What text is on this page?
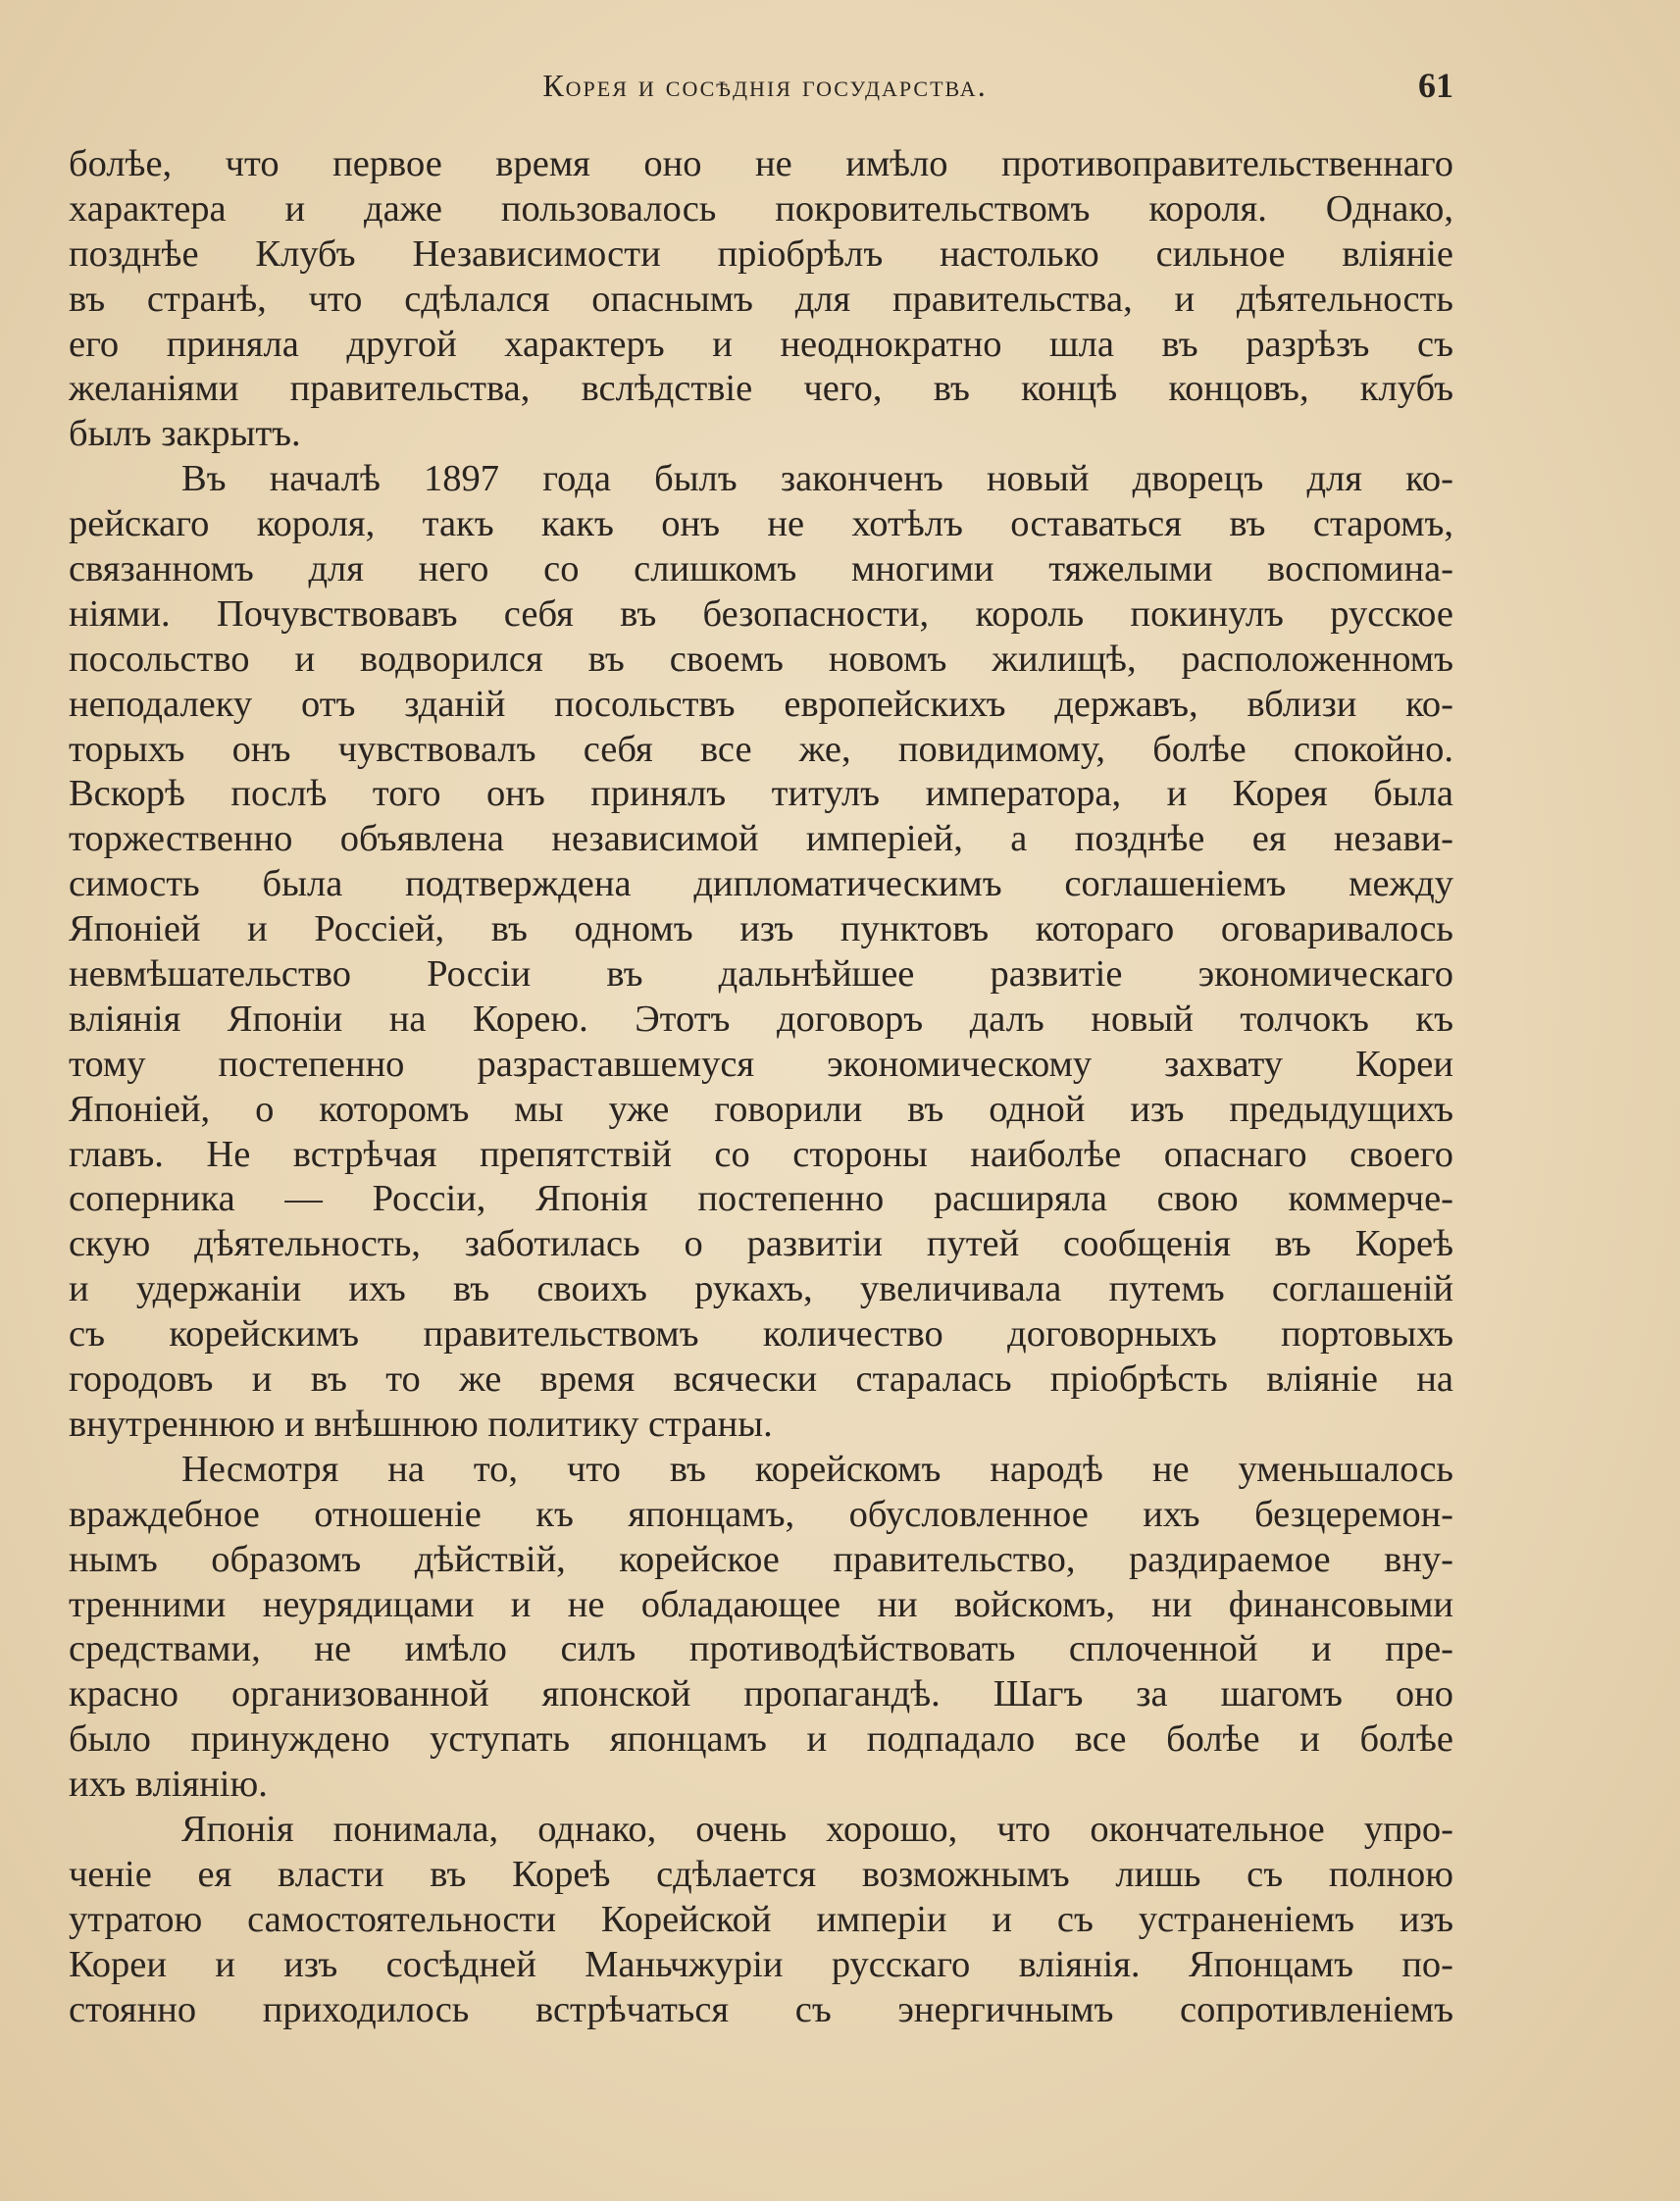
Корея и сосѣднія государства.	61
болѣе, что первое время оно не имѣло противоправительственнаго
характера и даже пользовалось покровительствомъ короля. Однако,
позднѣе Клубъ Независимости пріобрѣлъ настолько сильное вліяніе
въ странѣ, что сдѣлался опаснымъ для правительства, и дѣятельность
его приняла другой характеръ и неоднократно шла въ разрѣзъ съ
желаніями правительства, вслѣдствіе чего, въ концѣ концовъ, клубъ
былъ закрытъ.
Въ началѣ 1897 года былъ законченъ новый дворецъ для ко-
рейскаго короля, такъ какъ онъ не хотѣлъ оставаться въ старомъ,
связанномъ для него со слишкомъ многими тяжелыми воспомина-
ніями. Почувствовавъ себя въ безопасности, король покинулъ русское
посольство и водворился въ своемъ новомъ жилищѣ, расположенномъ
неподалеку отъ зданій посольствъ европейскихъ державъ, вблизи ко-
торыхъ онъ чувствовалъ себя все же, повидимому, болѣе спокойно.
Вскорѣ послѣ того онъ принялъ титулъ императора, и Корея была
торжественно объявлена независимой имперіей, а позднѣе ея незави-
симость была подтверждена дипломатическимъ соглашеніемъ между
Японіей и Россіей, въ одномъ изъ пунктовъ котораго оговаривалось
невмѣшательство Россіи въ дальнѣйшее развитіе экономическаго
вліянія Японіи на Корею. Этотъ договоръ далъ новый толчокъ къ
тому постепенно разраставшемуся экономическому захвату Кореи
Японіей, о которомъ мы уже говорили въ одной изъ предыдущихъ
главъ. Не встрѣчая препятствій со стороны наиболѣе опаснаго своего
соперника — Россіи, Японія постепенно расширяла свою коммерче-
скую дѣятельность, заботилась о развитіи путей сообщенія въ Кореѣ
и удержаніи ихъ въ своихъ рукахъ, увеличивала путемъ соглашеній
съ корейскимъ правительствомъ количество договорныхъ портовыхъ
городовъ и въ то же время всячески старалась пріобрѣсть вліяніе на
внутреннюю и внѣшнюю политику страны.
Несмотря на то, что въ корейскомъ народѣ не уменьшалось
враждебное отношеніе къ японцамъ, обусловленное ихъ безцеремон-
нымъ образомъ дѣйствій, корейское правительство, раздираемое вну-
тренними неурядицами и не обладающее ни войскомъ, ни финансовыми
средствами, не имѣло силъ противодѣйствовать сплоченной и пре-
красно организованной японской пропагандѣ. Шагъ за шагомъ оно
было принуждено уступать японцамъ и подпадало все болѣе и болѣе
ихъ вліянію.
Японія понимала, однако, очень хорошо, что окончательное упро-
ченіе ея власти въ Кореѣ сдѣлается возможнымъ лишь съ полною
утратою самостоятельности Корейской имперіи и съ устраненіемъ изъ
Кореи и изъ сосѣдней Маньчжуріи русскаго вліянія. Японцамъ по-
стоянно приходилось встрѣчаться съ энергичнымъ сопротивленіемъ
